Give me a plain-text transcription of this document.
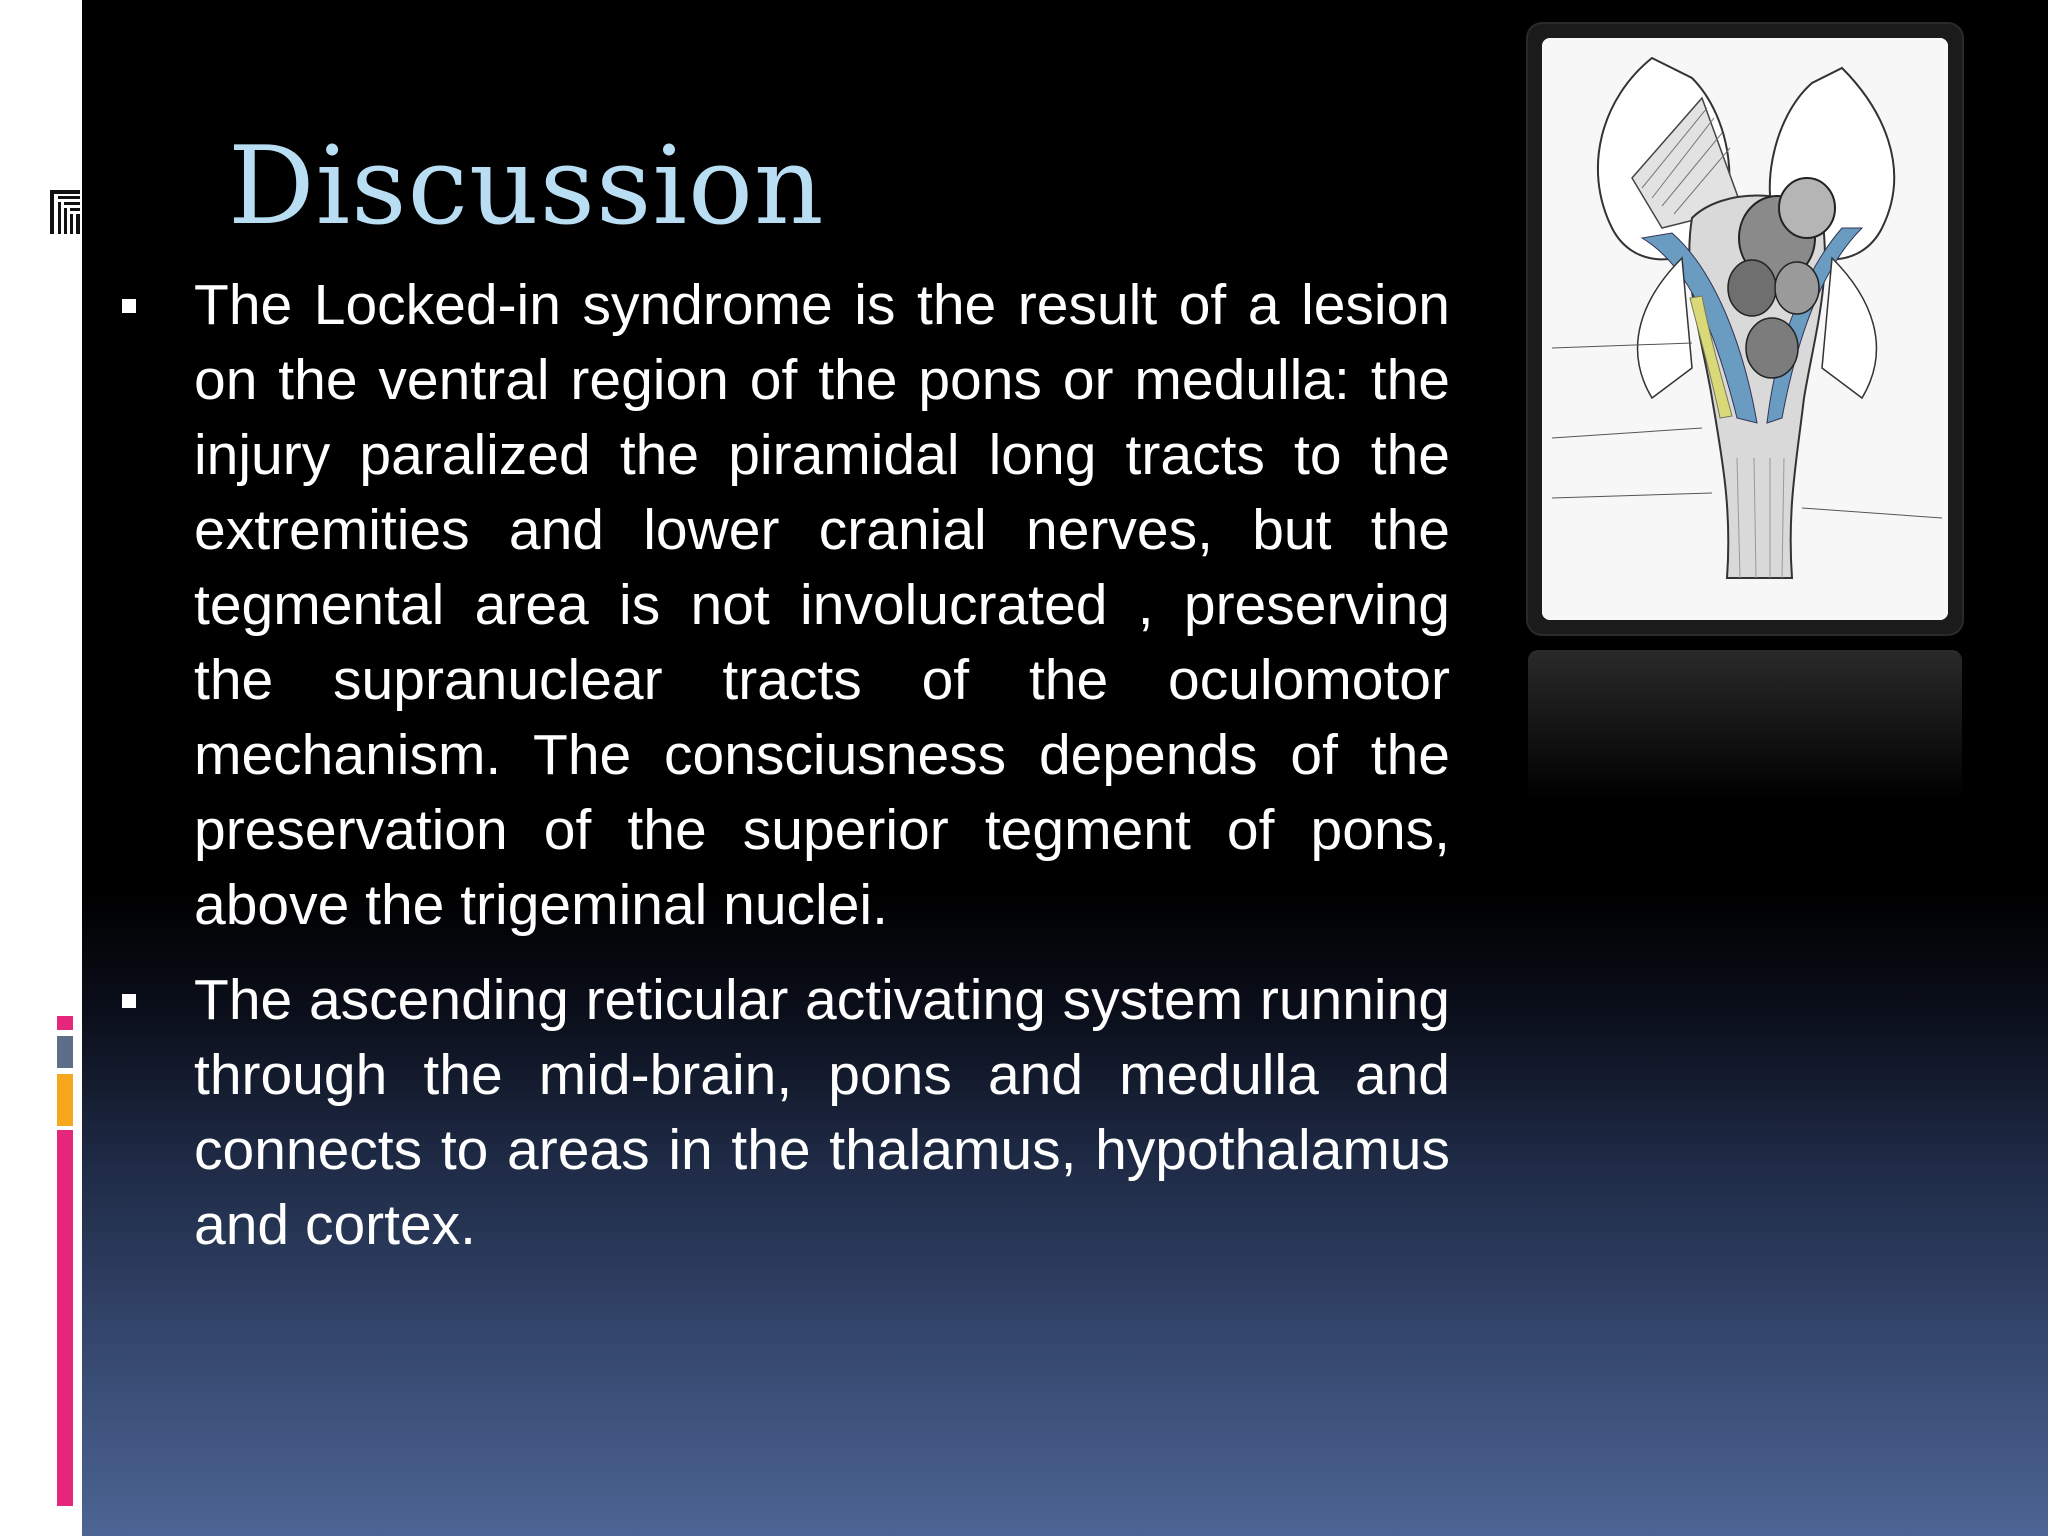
Discussion
The Locked-in syndrome is the result of a lesion on the ventral region of the pons or medulla: the injury paralized the piramidal long tracts to the extremities and lower cranial nerves, but the tegmental area is not involucrated , preserving the supranuclear tracts of the oculomotor mechanism. The consciusness depends of the preservation of the superior tegment of pons, above the trigeminal nuclei.
The ascending reticular activating system running through the mid-brain, pons and medulla and connects to areas in the thalamus, hypothalamus and cortex.
